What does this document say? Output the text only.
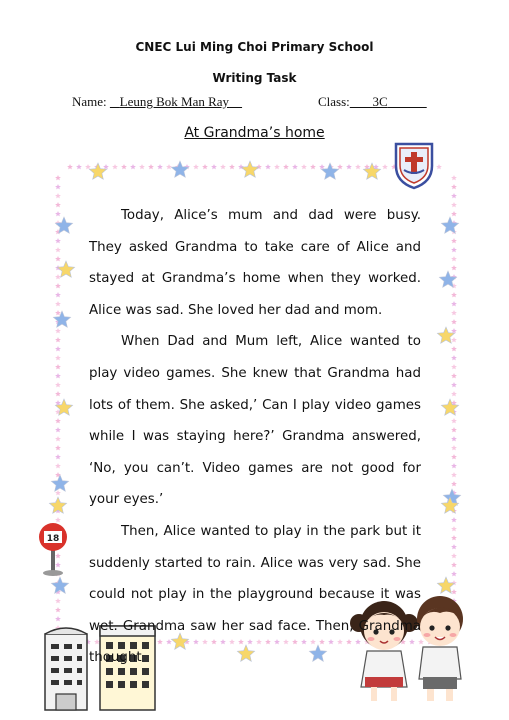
CNEC Lui Ming Choi Primary School
Writing Task
Name: Leung Bok Man Ray	Class: 3C
At Grandma’s home
18

Today, Alice’s mum and dad were busy. They asked Grandma to take care of Alice and stayed at Grandma’s home when they worked. Alice was sad. She loved her dad and mom.

When Dad and Mum left, Alice wanted to play video games. She knew that Grandma had lots of them. She asked,’ Can I play video games while I was staying here?’ Grandma answered, ‘No, you can’t. Video games are not good for your eyes.’

Then, Alice wanted to play in the park but it suddenly started to rain. Alice was very sad. She could not play in the playground because it was wet. Grandma saw her sad face. Then, Grandma thought
